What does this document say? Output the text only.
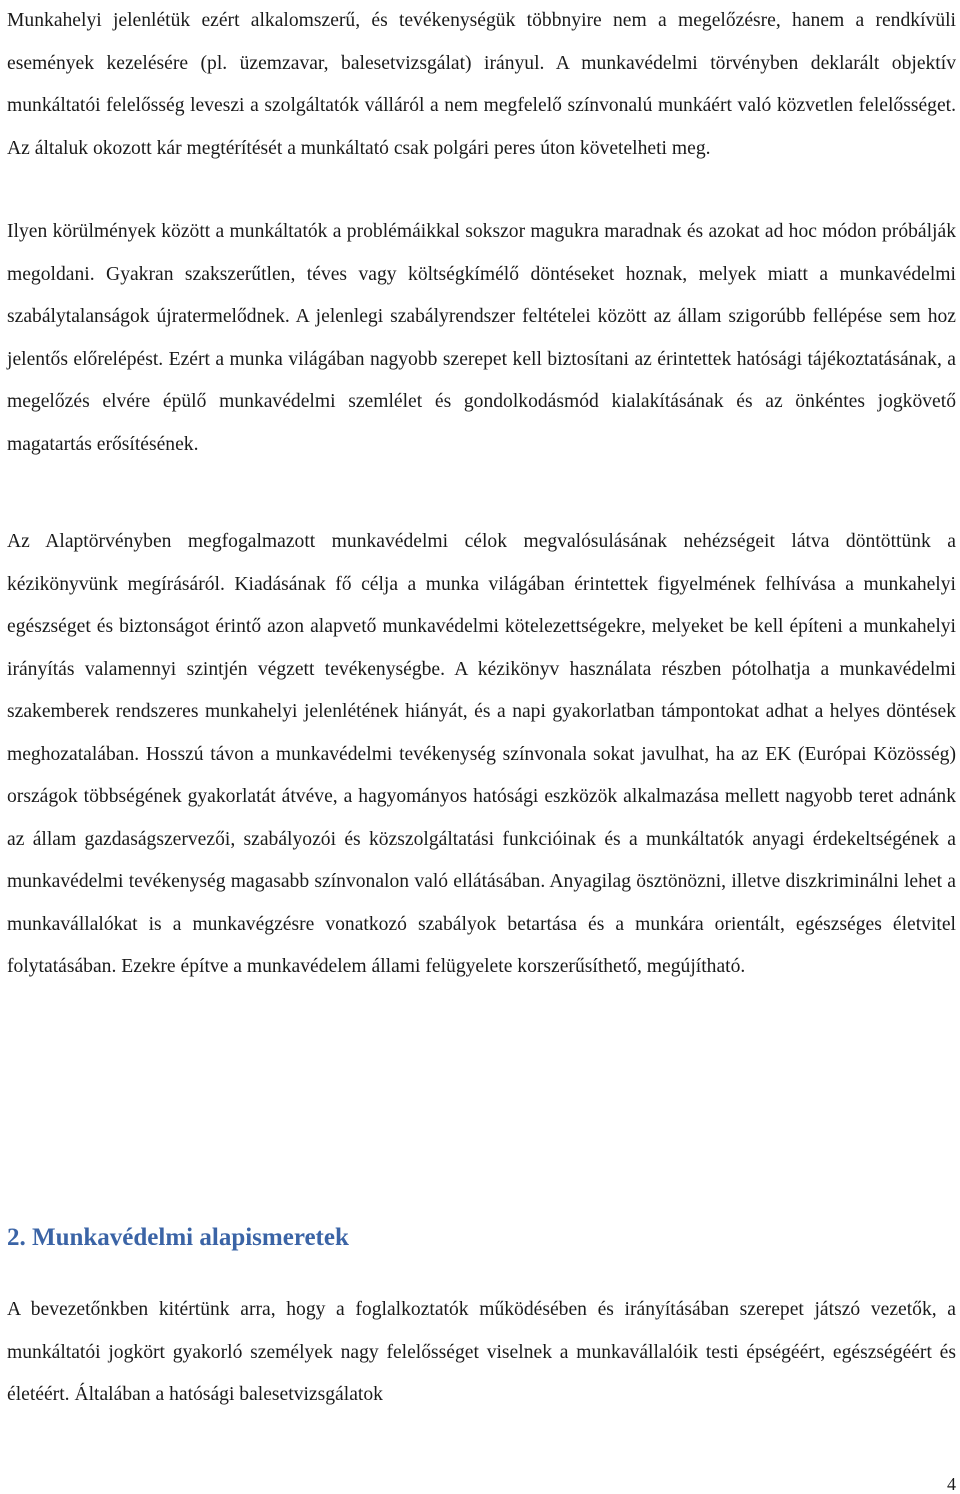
Munkahelyi jelenlétük ezért alkalomszerű, és tevékenységük többnyire nem a megelőzésre, hanem a rendkívüli események kezelésére (pl. üzemzavar, balesetvizsgálat) irányul. A munkavédelmi törvényben deklarált objektív munkáltatói felelősség leveszi a szolgáltatók válláról a nem megfelelő színvonalú munkáért való közvetlen felelősséget. Az általuk okozott kár megtérítését a munkáltató csak polgári peres úton követelheti meg.

Ilyen körülmények között a munkáltatók a problémáikkal sokszor magukra maradnak és azokat ad hoc módon próbálják megoldani. Gyakran szakszerűtlen, téves vagy költségkímélő döntéseket hoznak, melyek miatt a munkavédelmi szabálytalanságok újratermelődnek. A jelenlegi szabályrendszer feltételei között az állam szigorúbb fellépése sem hoz jelentős előrelépést. Ezért a munka világában nagyobb szerepet kell biztosítani az érintettek hatósági tájékoztatásának, a megelőzés elvére épülő munkavédelmi szemlélet és gondolkodásmód kialakításának és az önkéntes jogkövető magatartás erősítésének.

Az Alaptörvényben megfogalmazott munkavédelmi célok megvalósulásának nehézségeit látva döntöttünk a kézikönyvünk megírásáról. Kiadásának fő célja a munka világában érintettek figyelmének felhívása a munkahelyi egészséget és biztonságot érintő azon alapvető munkavédelmi kötelezettségekre, melyeket be kell építeni a munkahelyi irányítás valamennyi szintjén végzett tevékenységbe. A kézikönyv használata részben pótolhatja a munkavédelmi szakemberek rendszeres munkahelyi jelenlétének hiányát, és a napi gyakorlatban támpontokat adhat a helyes döntések meghozatalában. Hosszú távon a munkavédelmi tevékenység színvonala sokat javulhat, ha az EK (Európai Közösség) országok többségének gyakorlatát átvéve, a hagyományos hatósági eszközök alkalmazása mellett nagyobb teret adnánk az állam gazdaságszervezői, szabályozói és közszolgáltatási funkcióinak és a munkáltatók anyagi érdekeltségének a munkavédelmi tevékenység magasabb színvonalon való ellátásában. Anyagilag ösztönözni, illetve diszkriminálni lehet a munkavállalókat is a munkavégzésre vonatkozó szabályok betartása és a munkára orientált, egészséges életvitel folytatásában. Ezekre építve a munkavédelem állami felügyelete korszerűsíthető, megújítható.

2. Munkavédelmi alapismeretek

A bevezetőnkben kitértünk arra, hogy a foglalkoztatók működésében és irányításában szerepet játszó vezetők, a munkáltatói jogkört gyakorló személyek nagy felelősséget viselnek a munkavállalóik testi épségéért, egészségéért és életéért. Általában a hatósági balesetvizsgálatok

4
